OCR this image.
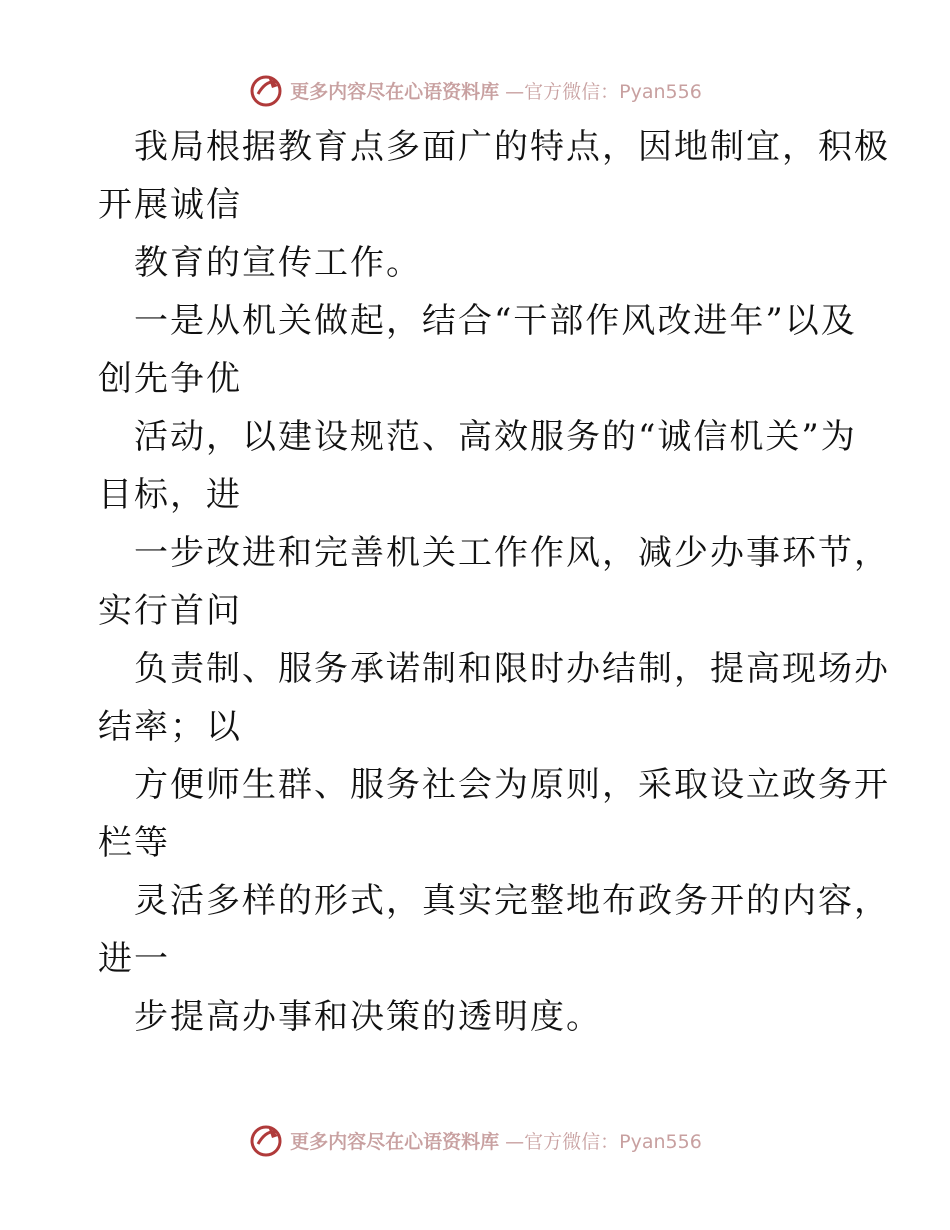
更多内容尽在心语资料库 —官方微信：Pyan556
我局根据教育点多面广的特点，因地制宜，积极
开展诚信
教育的宣传工作。
一是从机关做起，结合“干部作风改进年”以及
创先争优
活动，以建设规范、高效服务的“诚信机关”为
目标，进
一步改进和完善机关工作作风，减少办事环节，
实行首问
负责制、服务承诺制和限时办结制，提高现场办
结率；以
方便师生群、服务社会为原则，采取设立政务开
栏等
灵活多样的形式，真实完整地布政务开的内容，
进一
步提高办事和决策的透明度。
更多内容尽在心语资料库 —官方微信：Pyan556
